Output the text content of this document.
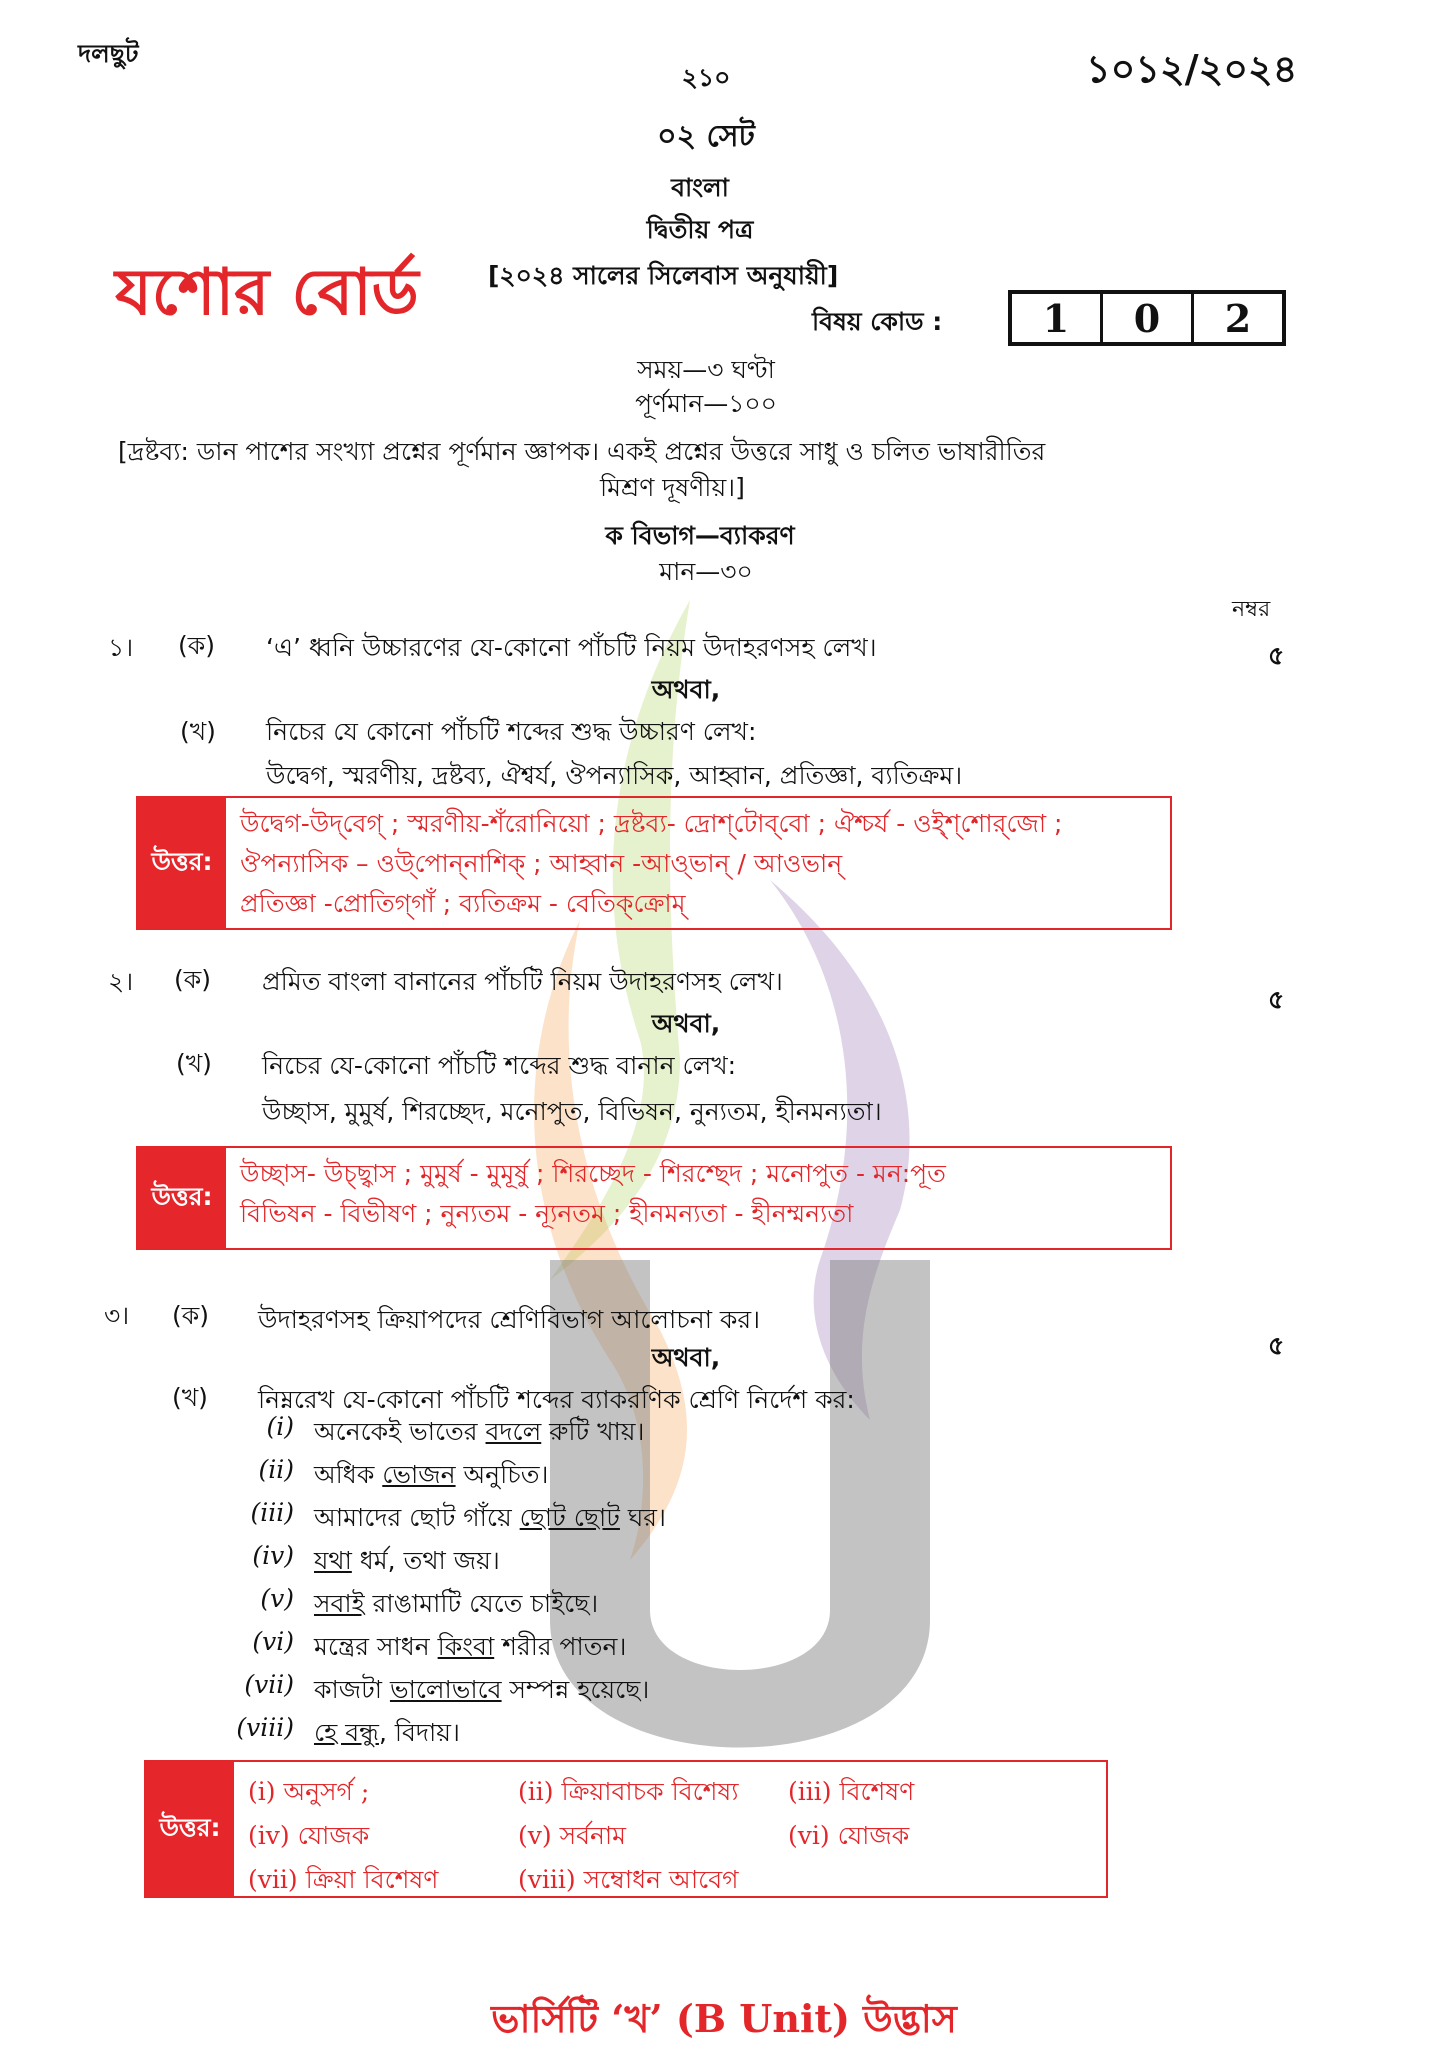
দলছুট
২১০	১০১২/২০২৪
০২ সেট
বাংলা
দ্বিতীয় পত্র
যশোর বোর্ড	[২০২৪ সালের সিলেবাস অনুযায়ী]
বিষয় কোড :	1	0	2
সময়—৩ ঘণ্টা
পূর্ণমান—১০০
[দ্রষ্টব্য: ডান পাশের সংখ্যা প্রশ্নের পূর্ণমান জ্ঞাপক। একই প্রশ্নের উত্তরে সাধু ও চলিত ভাষারীতির
মিশ্রণ দূষণীয়।]
ক বিভাগ—ব্যাকরণ
মান—৩০
নম্বর
১। (ক) ‘এ’ ধ্বনি উচ্চারণের যে-কোনো পাঁচটি নিয়ম উদাহরণসহ লেখ।	৫
অথবা,
(খ) নিচের যে কোনো পাঁচটি শব্দের শুদ্ধ উচ্চারণ লেখ:
উদ্বেগ, স্মরণীয়, দ্রষ্টব্য, ঐশ্বর্য, ঔপন্যাসিক, আহ্বান, প্রতিজ্ঞা, ব্যতিক্রম।
উত্তর:
উদ্বেগ-উদ্‌বেগ্ ; স্মরণীয়-শঁরোনিয়ো ; দ্রষ্টব্য- দ্রোশ্‌টোব্‌বো ; ঐশ্চর্য - ওই্‌শ্‌শোর্‌জো ;
ঔপন্যাসিক – ওউ্‌পোন্‌নাশিক্ ; আহ্বান -আও্‌ভান্ / আওভান্
প্রতিজ্ঞা -প্রোতিগ্‌গাঁ ; ব্যতিক্রম - বেতিক্‌ক্রোম্
২। (ক) প্রমিত বাংলা বানানের পাঁচটি নিয়ম উদাহরণসহ লেখ।
৫
অথবা,
(খ) নিচের যে-কোনো পাঁচটি শব্দের শুদ্ধ বানান লেখ:
উচ্ছাস, মুমুর্ষ, শিরচ্ছেদ, মনোপুত, বিভিষন, নুন্যতম, হীনমন্যতা।
উত্তর:
উচ্ছাস- উচ্ছ্বাস ; মুমুর্ষ - মুমূর্ষু ; শিরচ্ছেদ - শিরশ্ছেদ ; মনোপুত - মন:পূত
বিভিষন - বিভীষণ ; নুন্যতম - ন্যূনতম ; হীনমন্যতা - হীনম্মন্যতা
৩। (ক) উদাহরণসহ ক্রিয়াপদের শ্রেণিবিভাগ আলোচনা কর।
৫
অথবা,
(খ) নিম্নরেখ যে-কোনো পাঁচটি শব্দের ব্যাকরণিক শ্রেণি নির্দেশ কর:
(i) অনেকেই ভাতের বদলে রুটি খায়।
(ii) অধিক ভোজন অনুচিত।
(iii) আমাদের ছোট গাঁয়ে ছোট ছোট ঘর।
(iv) যথা ধর্ম, তথা জয়।
(v) সবাই রাঙামাটি যেতে চাইছে।
(vi) মন্ত্রের সাধন কিংবা শরীর পাতন।
(vii) কাজটা ভালোভাবে সম্পন্ন হয়েছে।
(viii) হে বন্ধু, বিদায়।
উত্তর:
(i) অনুসর্গ ;	(ii) ক্রিয়াবাচক বিশেষ্য	(iii) বিশেষণ
(iv) যোজক	(v) সর্বনাম	(vi) যোজক
(vii) ক্রিয়া বিশেষণ	(viii) সম্বোধন আবেগ
ভার্সিটি ‘খ’ (B Unit) উদ্ভাস
